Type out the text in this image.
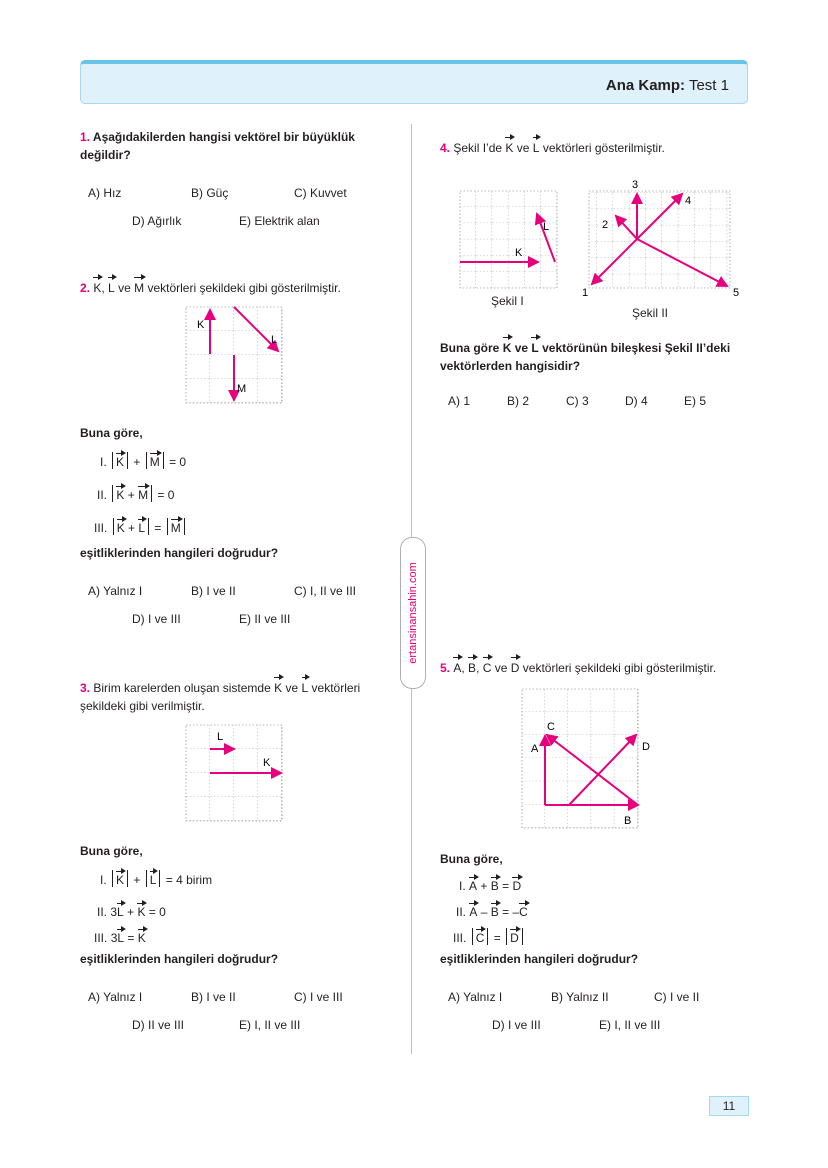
Ana Kamp: Test 1
ertansinansahin.com
1. Aşağıdakilerden hangisi vektörel bir büyüklük değildir?
A) Hız	B) Güç	C) Kuvvet
D) Ağırlık	E) Elektrik alan
2. K, L ve M vektörleri şekildeki gibi gösterilmiştir.
K
L
M
Buna göre,
I. K + M = 0
II. K + M = 0
III. K + L = M
eşitliklerinden hangileri doğrudur?
A) Yalnız I	B) I ve II	C) I, II ve III
D) I ve III	E) II ve III
3. Birim karelerden oluşan sistemde K ve L vektörleri şekildeki gibi verilmiştir.
L
K
Buna göre,
I. K + L = 4 birim
II. 3L + K = 0
III. 3L = K
eşitliklerinden hangileri doğrudur?
A) Yalnız I	B) I ve II	C) I ve III
D) II ve III	E) I, II ve III
4. Şekil I’de K ve L vektörleri gösterilmiştir.
K
L
Şekil I
1
2
3
4
5
Şekil II
Buna göre K ve L vektörünün bileşkesi Şekil II’deki vektörlerden hangisidir?
A) 1	B) 2	C) 3	D) 4	E) 5
5. A, B, C ve D vektörleri şekildeki gibi gösterilmiştir.
A
B
C
D
Buna göre,
I. A + B = D
II. A – B = –C
III. C = D
eşitliklerinden hangileri doğrudur?
A) Yalnız I	B) Yalnız II	C) I ve II
D) I ve III	E) I, II ve III
11
